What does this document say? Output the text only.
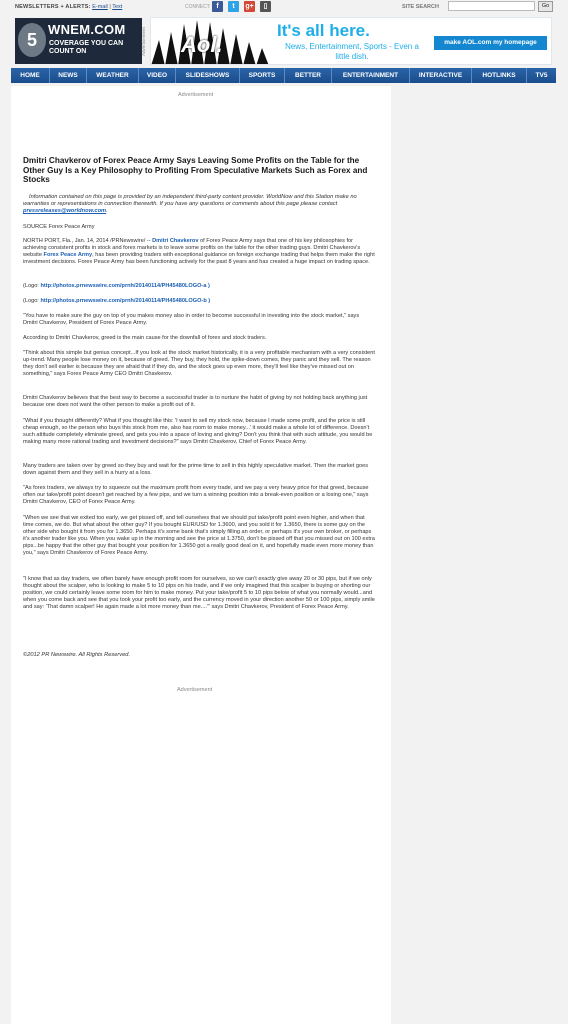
NEWSLETTERS + ALERTS: E-mail | Text	CONNECT: f	t	g+	▯	SITE SEARCH	Go
5
WNEM.COM
COVERAGE YOU CAN COUNT ON	Advertisement Aol.
It's all here.
News, Entertainment, Sports - Even a little dish.
make AOL.com my homepage
HOME	NEWS	WEATHER	VIDEO	SLIDESHOWS	SPORTS	BETTER	ENTERTAINMENT	INTERACTIVE	HOTLINKS	TV5
Advertisement
Dmitri Chavkerov of Forex Peace Army Says Leaving Some Profits on the Table for the Other Guy Is a Key Philosophy to Profiting From Speculative Markets Such as Forex and Stocks

Information contained on this page is provided by an independent third-party content provider. WorldNow and this Station make no warranties or representations in connection therewith. If you have any questions or comments about this page please contact pressreleases@worldnow.com.

SOURCE Forex Peace Army

NORTH PORT, Fla., Jan. 14, 2014 /PRNewswire/ -- Dmitri Chavkerov of Forex Peace Army says that one of his key philosophies for achieving consistent profits in stock and forex markets is to leave some profits on the table for the other trading guys. Dmitri Chavkerov's website Forex Peace Army, has been providing traders with exceptional guidance on foreign exchange trading that helps them make the right investment decisions. Forex Peace Army has been functioning actively for the past 8 years and has created a huge impact on trading space.

(Logo: http://photos.prnewswire.com/prnh/20140114/PH45480LOGO-a )

(Logo: http://photos.prnewswire.com/prnh/20140114/PH45480LOGO-b )

"You have to make sure the guy on top of you makes money also in order to become successful in investing into the stock market," says Dmitri Chavkerov, President of Forex Peace Army.

According to Dmitri Chavkerov, greed is the main cause for the downfall of forex and stock traders.

"Think about this simple but genius concept...If you look at the stock market historically, it is a very profitable mechanism with a very consistent up-trend. Many people lose money on it, because of greed. They buy, they hold, the spike-down comes, they panic and they sell. The reason they don't sell earlier is because they are afraid that if they do, and the stock goes up even more, they'll feel like they've missed out on something," says Forex Peace Army CEO Dmitri Chavkerov.

Dmitri Chavkerov believes that the best way to become a successful trader is to nurture the habit of giving by not holding back anything just because one does not want the other person to make a profit out of it.

"What if you thought differently? What if you thought like this: 'I want to sell my stock now, because I made some profit, and the price is still cheap enough, so the person who buys this stock from me, also has room to make money...' it would make a whole lot of difference. Doesn't such attitude completely eliminate greed, and gets you into a space of loving and giving? Don't you think that with such attitude, you would be making many more rational trading and investment decisions?" says Dmitri Chavkerov, Chief of Forex Peace Army.

Many traders are taken over by greed so they buy and wait for the prime time to sell in this highly speculative market. Then the market goes down against them and they sell in a hurry at a loss.

"As forex traders, we always try to squeeze out the maximum profit from every trade, and we pay a very heavy price for that greed, because often our take/profit point doesn't get reached by a few pips, and we turn a winning position into a break-even position or a losing one," says Dmitri Chavkerov, CEO of Forex Peace Army.

"When we see that we exited too early, we get pissed off, and tell ourselves that we should put take/profit point even higher, and when that time comes, we do. But what about the other guy? If you bought EUR/USD for 1.3600, and you sold it for 1.3650, there is some guy on the other side who bought it from you for 1.3650. Perhaps it's some bank that's simply filling an order, or perhaps it's your own broker, or perhaps it's another trader like you. When you wake up in the morning and see the price at 1.3750, don't be pissed off that you missed out on 100 extra pips...be happy that the other guy that bought your position for 1.3650 got a really good deal on it, and hopefully made even more money than you," says Dmitri Chavkerov of Forex Peace Army.

"I know that as day traders, we often barely have enough profit room for ourselves, so we can't exactly give away 20 or 30 pips, but if we only thought about the scalper, who is looking to make 5 to 10 pips on his trade, and if we only imagined that this scalper is buying or shorting our position, we could certainly leave some room for him to make money. Put your take/profit 5 to 10 pips below of what you normally would...and when you come back and see that you took your profit too early, and the currency moved in your direction another 50 or 100 pips, simply smile and say: 'That damn scalper! He again made a lot more money than me....'" says Dmitri Chavkerov, President of Forex Peace Army.

©2012 PR Newswire. All Rights Reserved.
Advertisement
